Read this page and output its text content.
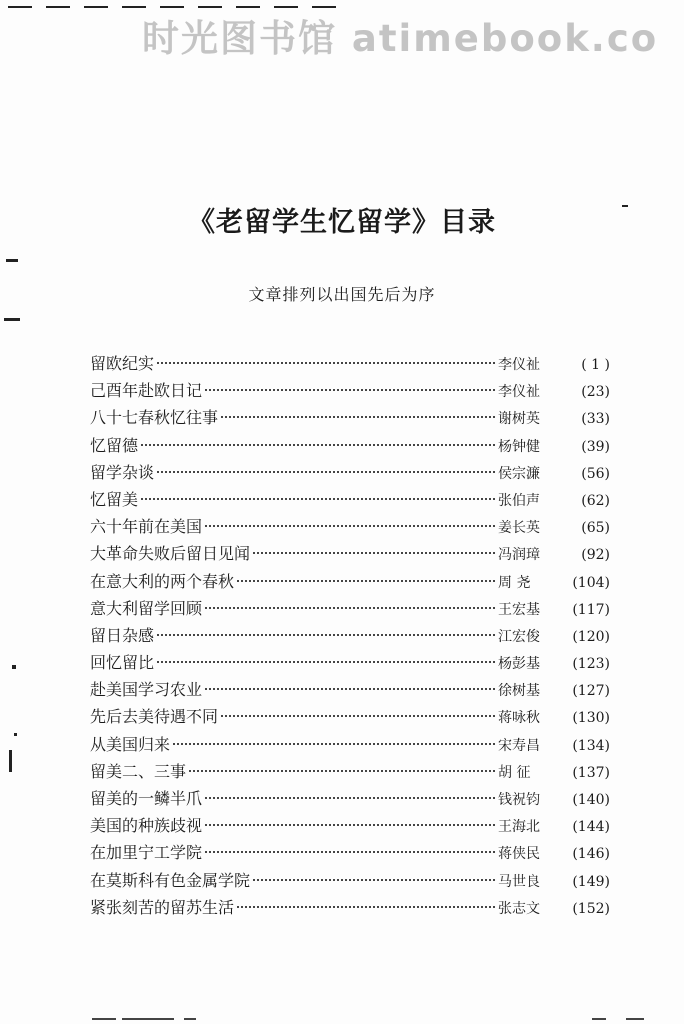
时光图书馆 atimebook.co
《老留学生忆留学》目录
文章排列以出国先后为序
留欧纪实	李仪祉	( 1 )
己酉年赴欧日记	李仪祉	(23)
八十七春秋忆往事	谢树英	(33)
忆留德	杨钟健	(39)
留学杂谈	侯宗濂	(56)
忆留美	张伯声	(62)
六十年前在美国	姜长英	(65)
大革命失败后留日见闻	冯润璋	(92)
在意大利的两个春秋	周 尧	(104)
意大利留学回顾	王宏基	(117)
留日杂感	江宏俊	(120)
回忆留比	杨彭基	(123)
赴美国学习农业	徐树基	(127)
先后去美待遇不同	蒋咏秋	(130)
从美国归来	宋寿昌	(134)
留美二、三事	胡 征	(137)
留美的一鳞半爪	钱祝钧	(140)
美国的种族歧视	王海北	(144)
在加里宁工学院	蒋侠民	(146)
在莫斯科有色金属学院	马世良	(149)
紧张刻苦的留苏生活	张志文	(152)
